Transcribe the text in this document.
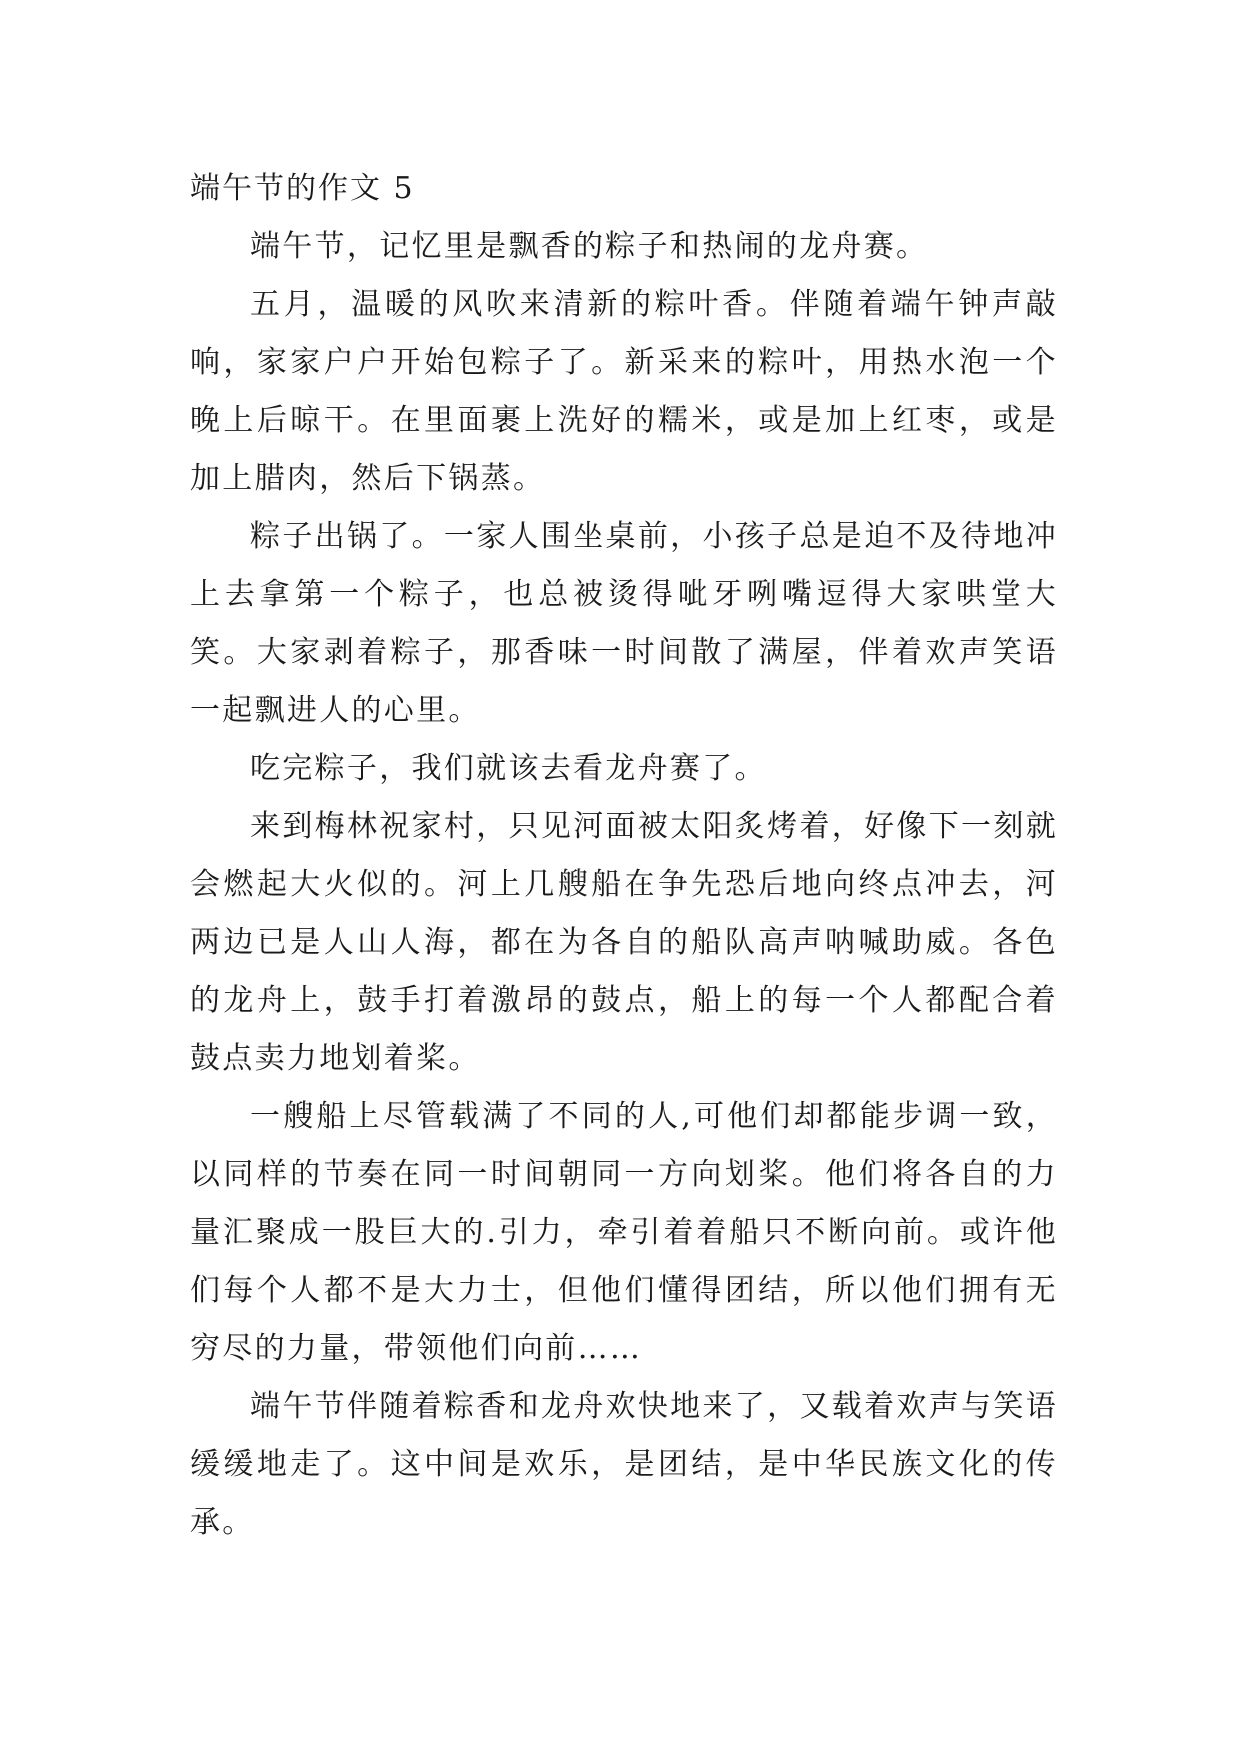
端午节的作文 5

端午节，记忆里是飘香的粽子和热闹的龙舟赛。

五月，温暖的风吹来清新的粽叶香。伴随着端午钟声敲响，家家户户开始包粽子了。新采来的粽叶，用热水泡一个晚上后晾干。在里面裹上洗好的糯米，或是加上红枣，或是加上腊肉，然后下锅蒸。

粽子出锅了。一家人围坐桌前，小孩子总是迫不及待地冲上去拿第一个粽子，也总被烫得呲牙咧嘴逗得大家哄堂大笑。大家剥着粽子，那香味一时间散了满屋，伴着欢声笑语一起飘进人的心里。

吃完粽子，我们就该去看龙舟赛了。

来到梅林祝家村，只见河面被太阳炙烤着，好像下一刻就会燃起大火似的。河上几艘船在争先恐后地向终点冲去，河两边已是人山人海，都在为各自的船队高声呐喊助威。各色的龙舟上，鼓手打着激昂的鼓点，船上的每一个人都配合着鼓点卖力地划着桨。

一艘船上尽管载满了不同的人,可他们却都能步调一致，以同样的节奏在同一时间朝同一方向划桨。他们将各自的力量汇聚成一股巨大的.引力，牵引着着船只不断向前。或许他们每个人都不是大力士，但他们懂得团结，所以他们拥有无穷尽的力量，带领他们向前……

端午节伴随着粽香和龙舟欢快地来了，又载着欢声与笑语缓缓地走了。这中间是欢乐，是团结，是中华民族文化的传承。
